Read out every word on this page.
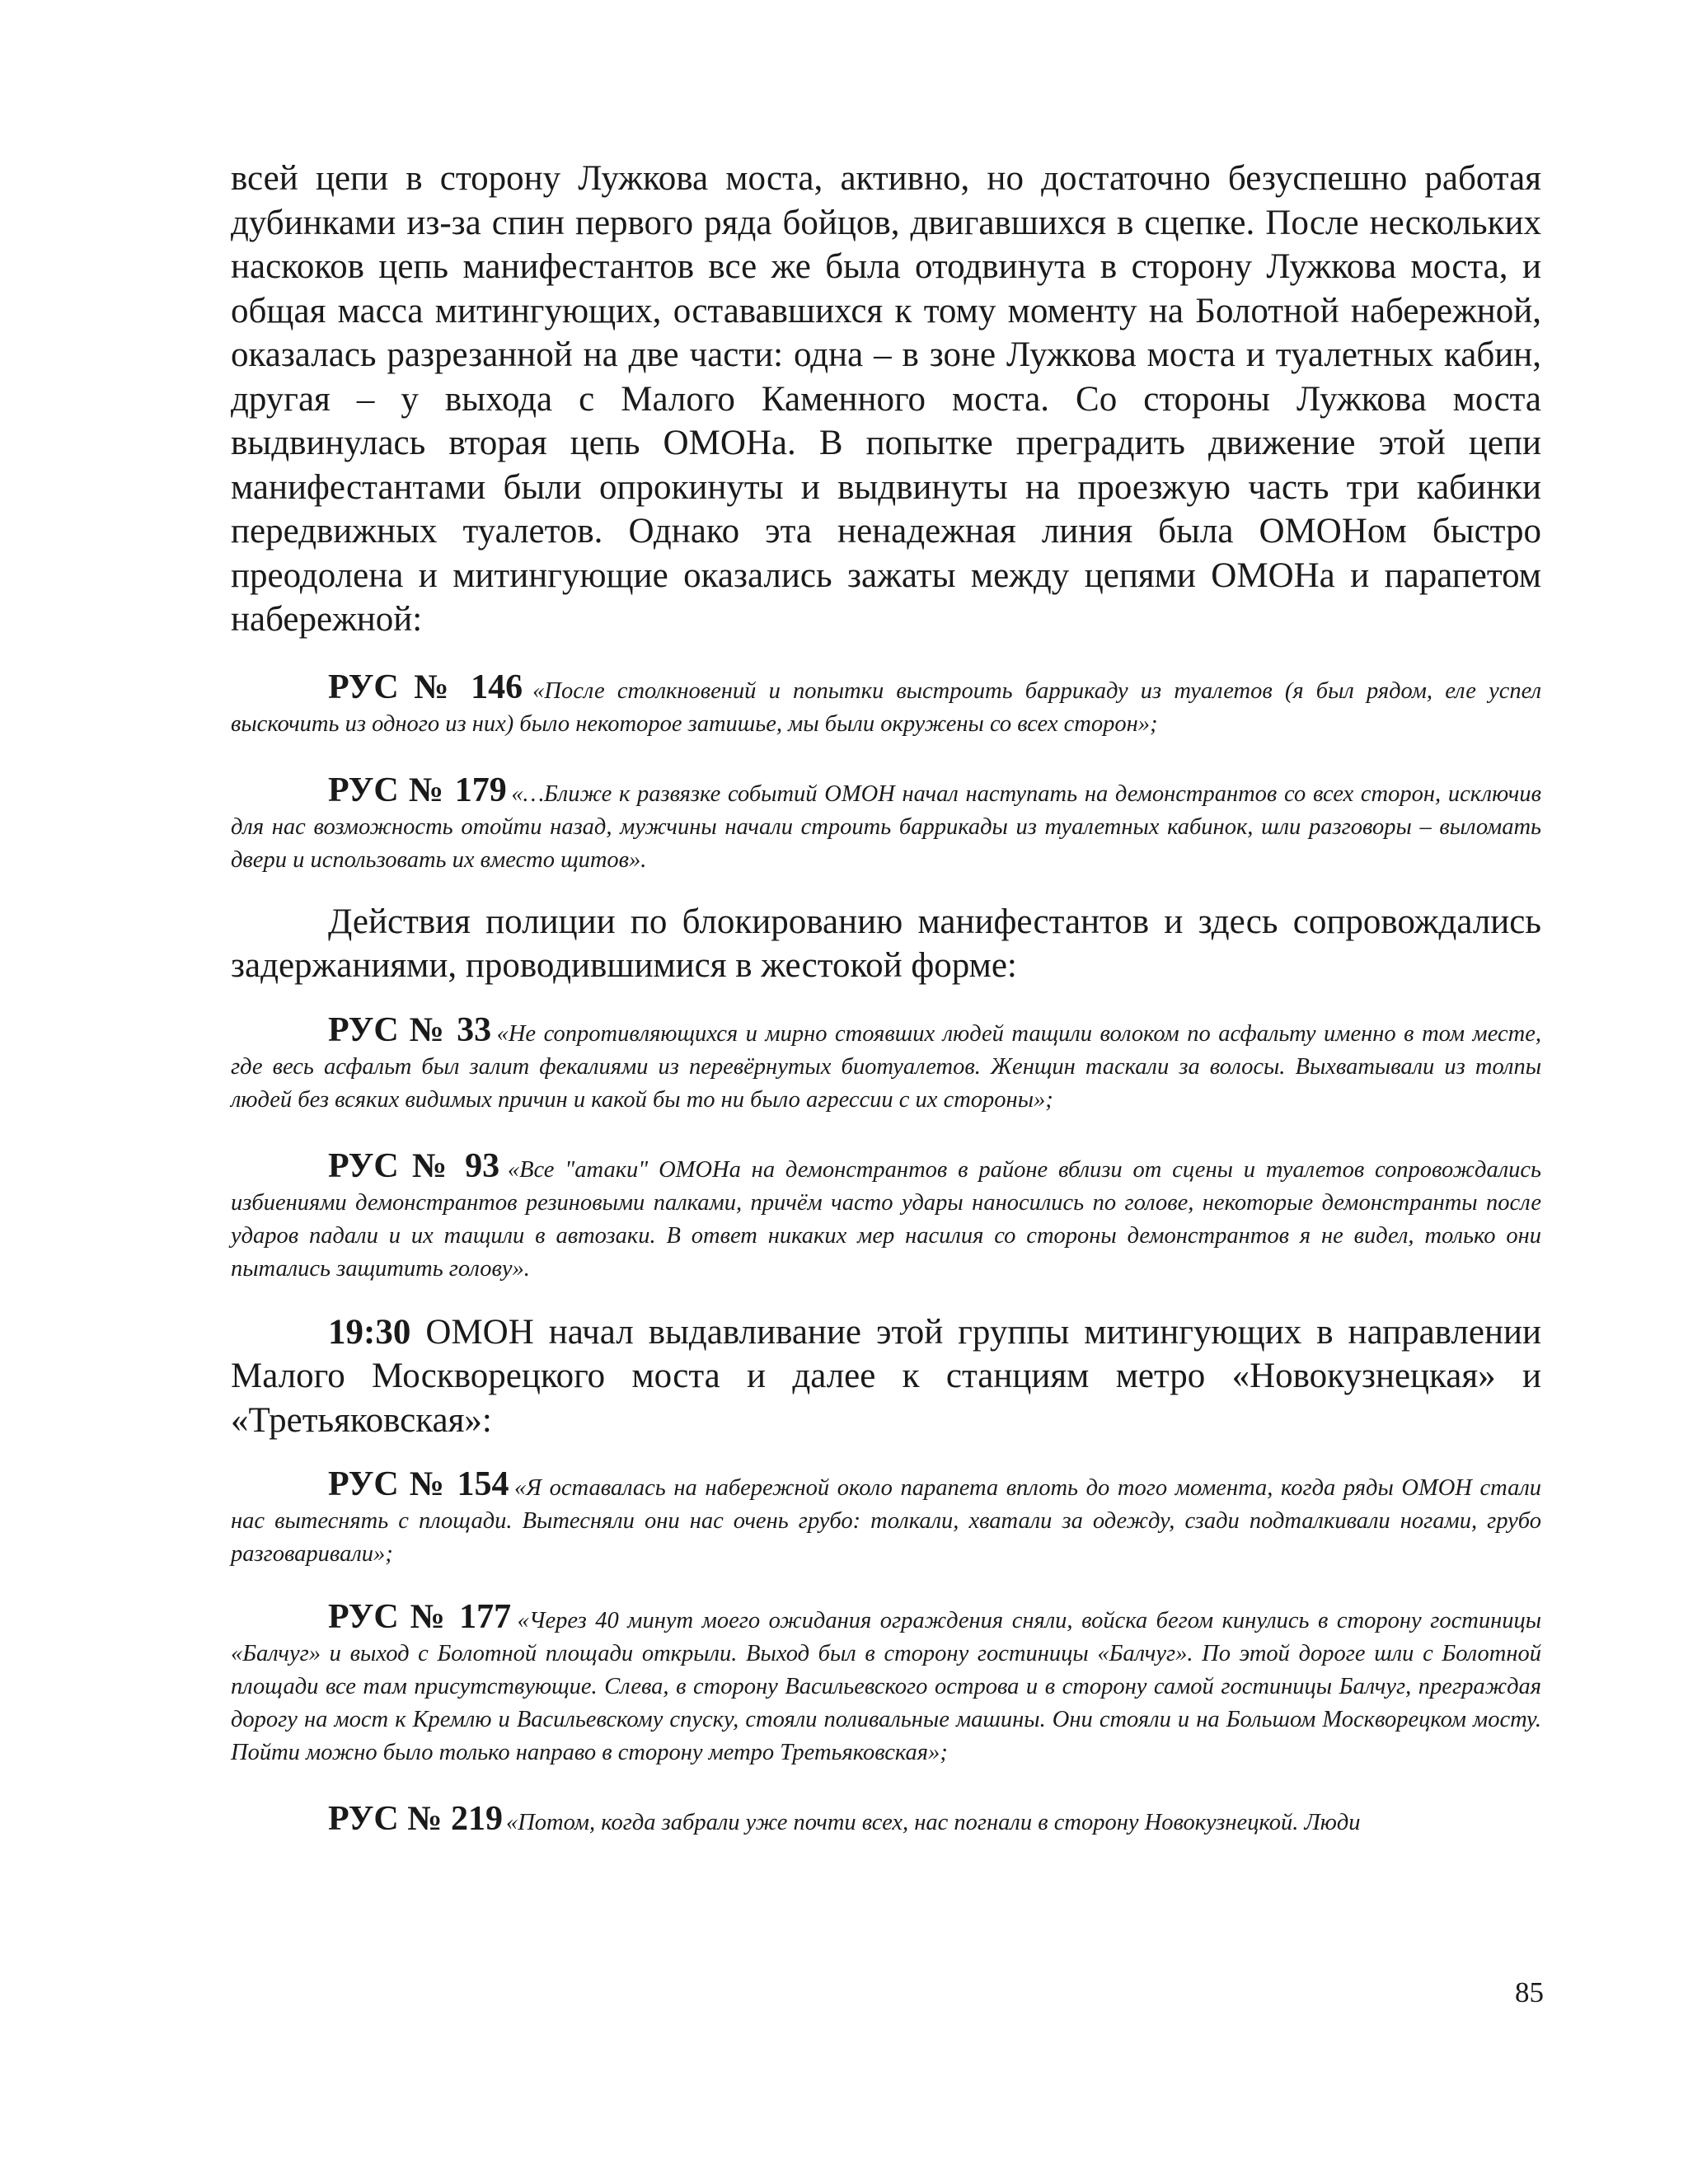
всей цепи в сторону Лужкова моста, активно, но достаточно безуспешно работая дубинками из-за спин первого ряда бойцов, двигавшихся в сцепке. После нескольких наскоков цепь манифестантов все же была отодвинута в сторону Лужкова моста, и общая масса митингующих, остававшихся к тому моменту на Болотной набережной, оказалась разрезанной на две части: одна – в зоне Лужкова моста и туалетных кабин, другая – у выхода с Малого Каменного моста. Со стороны Лужкова моста выдвинулась вторая цепь ОМОНа. В попытке преградить движение этой цепи манифестантами были опрокинуты и выдвинуты на проезжую часть три кабинки передвижных туалетов. Однако эта ненадежная линия была ОМОНом быстро преодолена и митингующие оказались зажаты между цепями ОМОНа и парапетом набережной:

РУС № 146 «После столкновений и попытки выстроить баррикаду из туалетов (я был рядом, еле успел выскочить из одного из них) было некоторое затишье, мы были окружены со всех сторон»;

РУС № 179 «…Ближе к развязке событий ОМОН начал наступать на демонстрантов со всех сторон, исключив для нас возможность отойти назад, мужчины начали строить баррикады из туалетных кабинок, шли разговоры – выломать двери и использовать их вместо щитов».

Действия полиции по блокированию манифестантов и здесь сопровождались задержаниями, проводившимися в жестокой форме:

РУС № 33 «Не сопротивляющихся и мирно стоявших людей тащили волоком по асфальту именно в том месте, где весь асфальт был залит фекалиями из перевёрнутых биотуалетов. Женщин таскали за волосы. Выхватывали из толпы людей без всяких видимых причин и какой бы то ни было агрессии с их стороны»;

РУС № 93 «Все "атаки" ОМОНа на демонстрантов в районе вблизи от сцены и туалетов сопровождались избиениями демонстрантов резиновыми палками, причём часто удары наносились по голове, некоторые демонстранты после ударов падали и их тащили в автозаки. В ответ никаких мер насилия со стороны демонстрантов я не видел, только они пытались защитить голову».

19:30 ОМОН начал выдавливание этой группы митингующих в направлении Малого Москворецкого моста и далее к станциям метро «Новокузнецкая» и «Третьяковская»:

РУС № 154 «Я оставалась на набережной около парапета вплоть до того момента, когда ряды ОМОН стали нас вытеснять с площади. Вытесняли они нас очень грубо: толкали, хватали за одежду, сзади подталкивали ногами, грубо разговаривали»;

РУС № 177 «Через 40 минут моего ожидания ограждения сняли, войска бегом кинулись в сторону гостиницы «Балчуг» и выход с Болотной площади открыли. Выход был в сторону гостиницы «Балчуг». По этой дороге шли с Болотной площади все там присутствующие. Слева, в сторону Васильевского острова и в сторону самой гостиницы Балчуг, преграждая дорогу на мост к Кремлю и Васильевскому спуску, стояли поливальные машины. Они стояли и на Большом Москворецком мосту. Пойти можно было только направо в сторону метро Третьяковская»;

РУС № 219 «Потом, когда забрали уже почти всех, нас погнали в сторону Новокузнецкой. Люди

85
